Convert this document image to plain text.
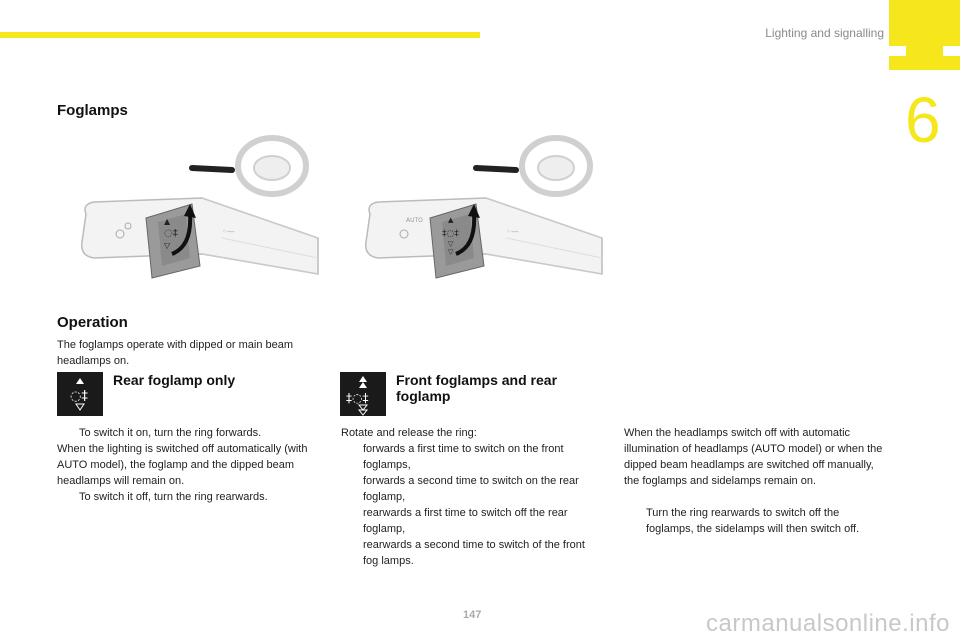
Lighting and signalling
6
Foglamps
◌‡
▲
▽
◦—	‡◌‡
▲
▽
▽
AUTO
◦—
Operation
The foglamps operate with dipped or main beam headlamps on.
◌‡
Rear foglamp only
To switch it on, turn the ring forwards.
When the lighting is switched off automatically (with AUTO model), the foglamp and the dipped beam headlamps will remain on.
To switch it off, turn the ring rearwards.
‡◌‡
Front foglamps and rear foglamp
Rotate and release the ring:
forwards a first time to switch on the front foglamps,
forwards a second time to switch on the rear foglamp,
rearwards a first time to switch off the rear foglamp,
rearwards a second time to switch of the front fog lamps.
When the headlamps switch off with automatic illumination of headlamps (AUTO model) or when the dipped beam headlamps are switched off manually, the foglamps and sidelamps remain on.
Turn the ring rearwards to switch off the foglamps, the sidelamps will then switch off.
147	carmanualsonline.info
